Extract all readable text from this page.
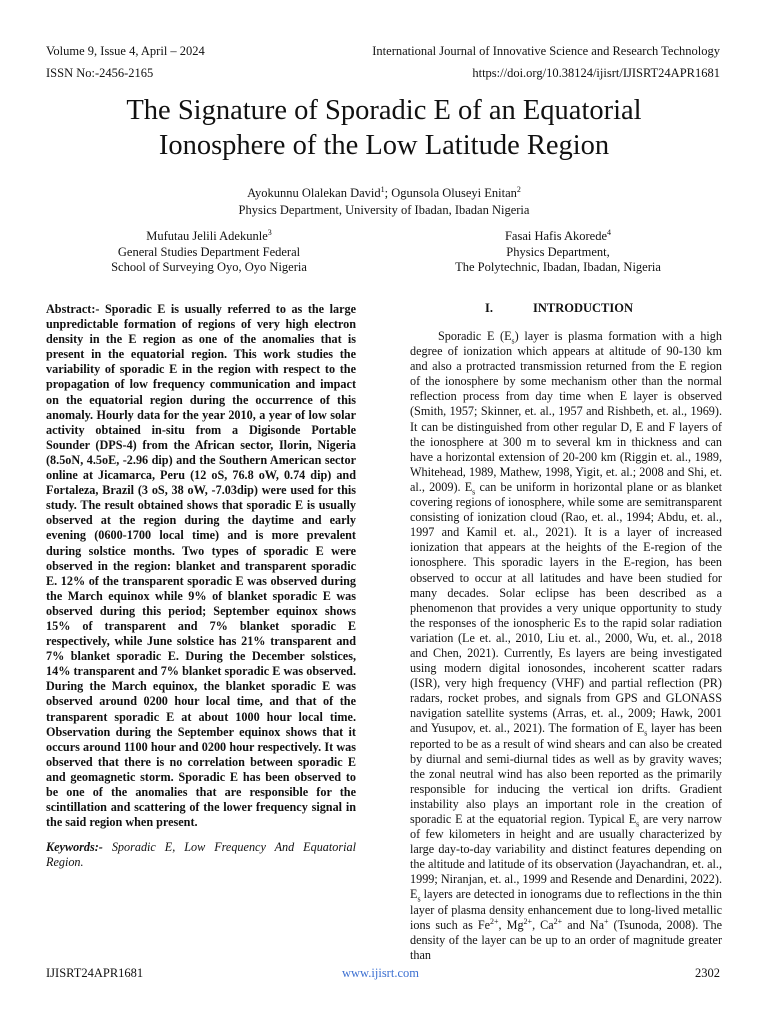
Volume 9, Issue 4, April – 2024	International Journal of Innovative Science and Research Technology
ISSN No:-2456-2165	https://doi.org/10.38124/ijisrt/IJISRT24APR1681
The Signature of Sporadic E of an Equatorial
Ionosphere of the Low Latitude Region
Ayokunnu Olalekan David$^1$; Ogunsola Oluseyi Enitan$^2$
Physics Department, University of Ibadan, Ibadan Nigeria
Mufutau Jelili Adekunle$^3$
General Studies Department Federal
School of Surveying Oyo, Oyo Nigeria
Fasai Hafis Akorede$^4$
Physics Department,
The Polytechnic, Ibadan, Ibadan, Nigeria
Abstract:- Sporadic E is usually referred to as the large unpredictable formation of regions of very high electron density in the E region as one of the anomalies that is present in the equatorial region. This work studies the variability of sporadic E in the region with respect to the propagation of low frequency communication and impact on the equatorial region during the occurrence of this anomaly. Hourly data for the year 2010, a year of low solar activity obtained in-situ from a Digisonde Portable Sounder (DPS-4) from the African sector, Ilorin, Nigeria (8.5oN, 4.5oE, -2.96 dip) and the Southern American sector online at Jicamarca, Peru (12 oS, 76.8 oW, 0.74 dip) and Fortaleza, Brazil (3 oS, 38 oW, -7.03dip) were used for this study. The result obtained shows that sporadic E is usually observed at the region during the daytime and early evening (0600-1700 local time) and is more prevalent during solstice months. Two types of sporadic E were observed in the region: blanket and transparent sporadic E. 12% of the transparent sporadic E was observed during the March equinox while 9% of blanket sporadic E was observed during this period; September equinox shows 15% of transparent and 7% blanket sporadic E respectively, while June solstice has 21% transparent and 7% blanket sporadic E. During the December solstices, 14% transparent and 7% blanket sporadic E was observed. During the March equinox, the blanket sporadic E was observed around 0200 hour local time, and that of the transparent sporadic E at about 1000 hour local time. Observation during the September equinox shows that it occurs around 1100 hour and 0200 hour respectively. It was observed that there is no correlation between sporadic E and geomagnetic storm. Sporadic E has been observed to be one of the anomalies that are responsible for the scintillation and scattering of the lower frequency signal in the said region when present.
Keywords:- Sporadic E, Low Frequency And Equatorial Region.
I.	INTRODUCTION
Sporadic E $(E_s)$ layer is plasma formation with a high degree of ionization which appears at altitude of 90-130 km and also a protracted transmission returned from the E region of the ionosphere by some mechanism other than the normal reflection process from day time when E layer is observed (Smith, 1957; Skinner, et. al., 1957 and Rishbeth, et. al., 1969). It can be distinguished from other regular D, E and F layers of the ionosphere at 300 m to several km in thickness and can have a horizontal extension of 20-200 km (Riggin et. al., 1989, Whitehead, 1989, Mathew, 1998, Yigit, et. al.; 2008 and Shi, et. al., 2009). $E_s$ can be uniform in horizontal plane or as blanket covering regions of ionosphere, while some are semitransparent consisting of ionization cloud (Rao, et. al., 1994; Abdu, et. al., 1997 and Kamil et. al., 2021). It is a layer of increased ionization that appears at the heights of the E-region of the ionosphere. This sporadic layers in the E-region, has been observed to occur at all latitudes and have been studied for many decades. Solar eclipse has been described as a phenomenon that provides a very unique opportunity to study the responses of the ionospheric Es to the rapid solar radiation variation (Le et. al., 2010, Liu et. al., 2000, Wu, et. al., 2018 and Chen, 2021). Currently, Es layers are being investigated using modern digital ionosondes, incoherent scatter radars (ISR), very high frequency (VHF) and partial reflection (PR) radars, rocket probes, and signals from GPS and GLONASS navigation satellite systems (Arras, et. al., 2009; Hawk, 2001 and Yusupov, et. al., 2021). The formation of $E_s$ layer has been reported to be as a result of wind shears and can also be created by diurnal and semi-diurnal tides as well as by gravity waves; the zonal neutral wind has also been reported as the primarily responsible for inducing the vertical ion drifts. Gradient instability also plays an important role in the creation of sporadic E at the equatorial region. Typical $E_s$ are very narrow of few kilometers in height and are usually characterized by large day-to-day variability and distinct features depending on the altitude and latitude of its observation (Jayachandran, et. al., 1999; Niranjan, et. al., 1999 and Resende and Denardini, 2022). $E_s$ layers are detected in ionograms due to reflections in the thin layer of plasma density enhancement due to long-lived metallic ions such as $Fe^{2+}$, $Mg^{2+}$, $Ca^{2+}$ and Na+ (Tsunoda, 2008). The density of the layer can be up to an order of magnitude greater than
IJISRT24APR1681	www.ijisrt.com	2302
